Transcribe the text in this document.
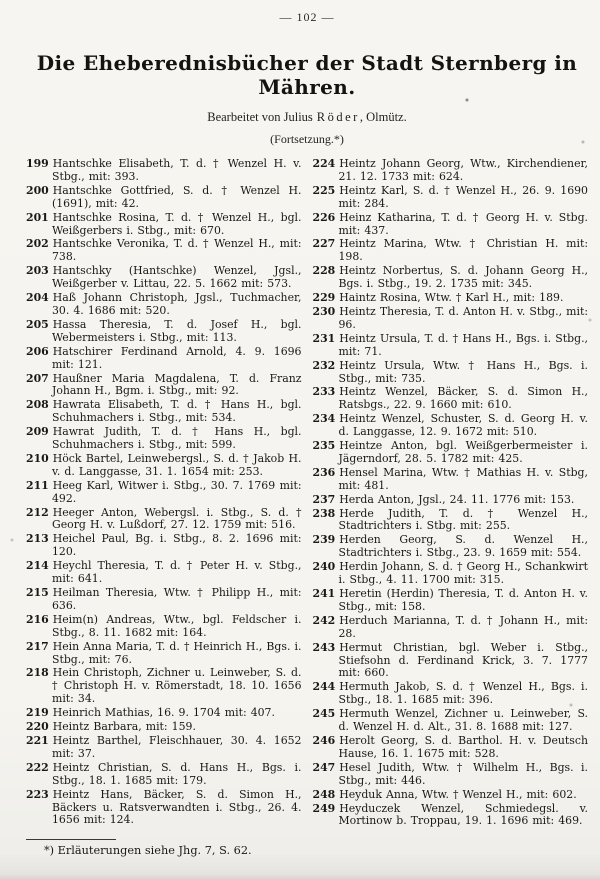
— 102 —
Die Eheberednisbücher der Stadt Sternberg in Mähren.
Bearbeitet von Julius Röder, Olmütz.
(Fortsetzung.*)
199 Hantschke Elisabeth, T. d. † Wenzel H. v. Stbg., mit: 393.
200 Hantschke Gottfried, S. d. † Wenzel H. (1691), mit: 42.
201 Hantschke Rosina, T. d. † Wenzel H., bgl. Weißgerbers i. Stbg., mit: 670.
202 Hantschke Veronika, T. d. † Wenzel H., mit: 738.
203 Hantschky (Hantschke) Wenzel, Jgsl., Weißgerber v. Littau, 22. 5. 1662 mit: 573.
204 Haß Johann Christoph, Jgsl., Tuchmacher, 30. 4. 1686 mit: 520.
205 Hassa Theresia, T. d. Josef H., bgl. Webermeisters i. Stbg., mit: 113.
206 Hatschirer Ferdinand Arnold, 4. 9. 1696 mit: 121.
207 Haußner Maria Magdalena, T. d. Franz Johann H., Bgm. i. Stbg., mit: 92.
208 Hawrata Elisabeth, T. d. † Hans H., bgl. Schuhmachers i. Stbg., mit: 534.
209 Hawrat Judith, T. d. † Hans H., bgl. Schuhmachers i. Stbg., mit: 599.
210 Höck Bartel, Leinwebergsl., S. d. † Jakob H. v. d. Langgasse, 31. 1. 1654 mit: 253.
211 Heeg Karl, Witwer i. Stbg., 30. 7. 1769 mit: 492.
212 Heeger Anton, Webergsl. i. Stbg., S. d. † Georg H. v. Lußdorf, 27. 12. 1759 mit: 516.
213 Heichel Paul, Bg. i. Stbg., 8. 2. 1696 mit: 120.
214 Heychl Theresia, T. d. † Peter H. v. Stbg., mit: 641.
215 Heilman Theresia, Wtw. † Philipp H., mit: 636.
216 Heim(n) Andreas, Wtw., bgl. Feldscher i. Stbg., 8. 11. 1682 mit: 164.
217 Hein Anna Maria, T. d. † Heinrich H., Bgs. i. Stbg., mit: 76.
218 Hein Christoph, Zichner u. Leinweber, S. d. † Christoph H. v. Römerstadt, 18. 10. 1656 mit: 34.
219 Heinrich Mathias, 16. 9. 1704 mit: 407.
220 Heintz Barbara, mit: 159.
221 Heintz Barthel, Fleischhauer, 30. 4. 1652 mit: 37.
222 Heintz Christian, S. d. Hans H., Bgs. i. Stbg., 18. 1. 1685 mit: 179.
223 Heintz Hans, Bäcker, S. d. Simon H., Bäckers u. Ratsverwandten i. Stbg., 26. 4. 1656 mit: 124.
224 Heintz Johann Georg, Wtw., Kirchendiener, 21. 12. 1733 mit: 624.
225 Heintz Karl, S. d. † Wenzel H., 26. 9. 1690 mit: 284.
226 Heinz Katharina, T. d. † Georg H. v. Stbg. mit: 437.
227 Heintz Marina, Wtw. † Christian H. mit: 198.
228 Heintz Norbertus, S. d. Johann Georg H., Bgs. i. Stbg., 19. 2. 1735 mit: 345.
229 Haintz Rosina, Wtw. † Karl H., mit: 189.
230 Heintz Theresia, T. d. Anton H. v. Stbg., mit: 96.
231 Heintz Ursula, T. d. † Hans H., Bgs. i. Stbg., mit: 71.
232 Heintz Ursula, Wtw. † Hans H., Bgs. i. Stbg., mit: 735.
233 Heintz Wenzel, Bäcker, S. d. Simon H., Ratsbgs., 22. 9. 1660 mit: 610.
234 Heintz Wenzel, Schuster, S. d. Georg H. v. d. Langgasse, 12. 9. 1672 mit: 510.
235 Heintze Anton, bgl. Weißgerbermeister i. Jägerndorf, 28. 5. 1782 mit: 425.
236 Hensel Marina, Wtw. † Mathias H. v. Stbg, mit: 481.
237 Herda Anton, Jgsl., 24. 11. 1776 mit: 153.
238 Herde Judith, T. d. † Wenzel H., Stadtrichters i. Stbg. mit: 255.
239 Herden Georg, S. d. Wenzel H., Stadtrichters i. Stbg., 23. 9. 1659 mit: 554.
240 Herdin Johann, S. d. † Georg H., Schankwirt i. Stbg., 4. 11. 1700 mit: 315.
241 Heretin (Herdin) Theresia, T. d. Anton H. v. Stbg., mit: 158.
242 Herduch Marianna, T. d. † Johann H., mit: 28.
243 Hermut Christian, bgl. Weber i. Stbg., Stiefsohn d. Ferdinand Krick, 3. 7. 1777 mit: 660.
244 Hermuth Jakob, S. d. † Wenzel H., Bgs. i. Stbg., 18. 1. 1685 mit: 396.
245 Hermuth Wenzel, Zichner u. Leinweber, S. d. Wenzel H. d. Alt., 31. 8. 1688 mit: 127.
246 Herolt Georg, S. d. Barthol. H. v. Deutsch Hause, 16. 1. 1675 mit: 528.
247 Hesel Judith, Wtw. † Wilhelm H., Bgs. i. Stbg., mit: 446.
248 Heyduk Anna, Wtw. † Wenzel H., mit: 602.
249 Heyduczek Wenzel, Schmiedegsl. v. Mortinow b. Troppau, 19. 1. 1696 mit: 469.
*) Erläuterungen siehe Jhg. 7, S. 62.
